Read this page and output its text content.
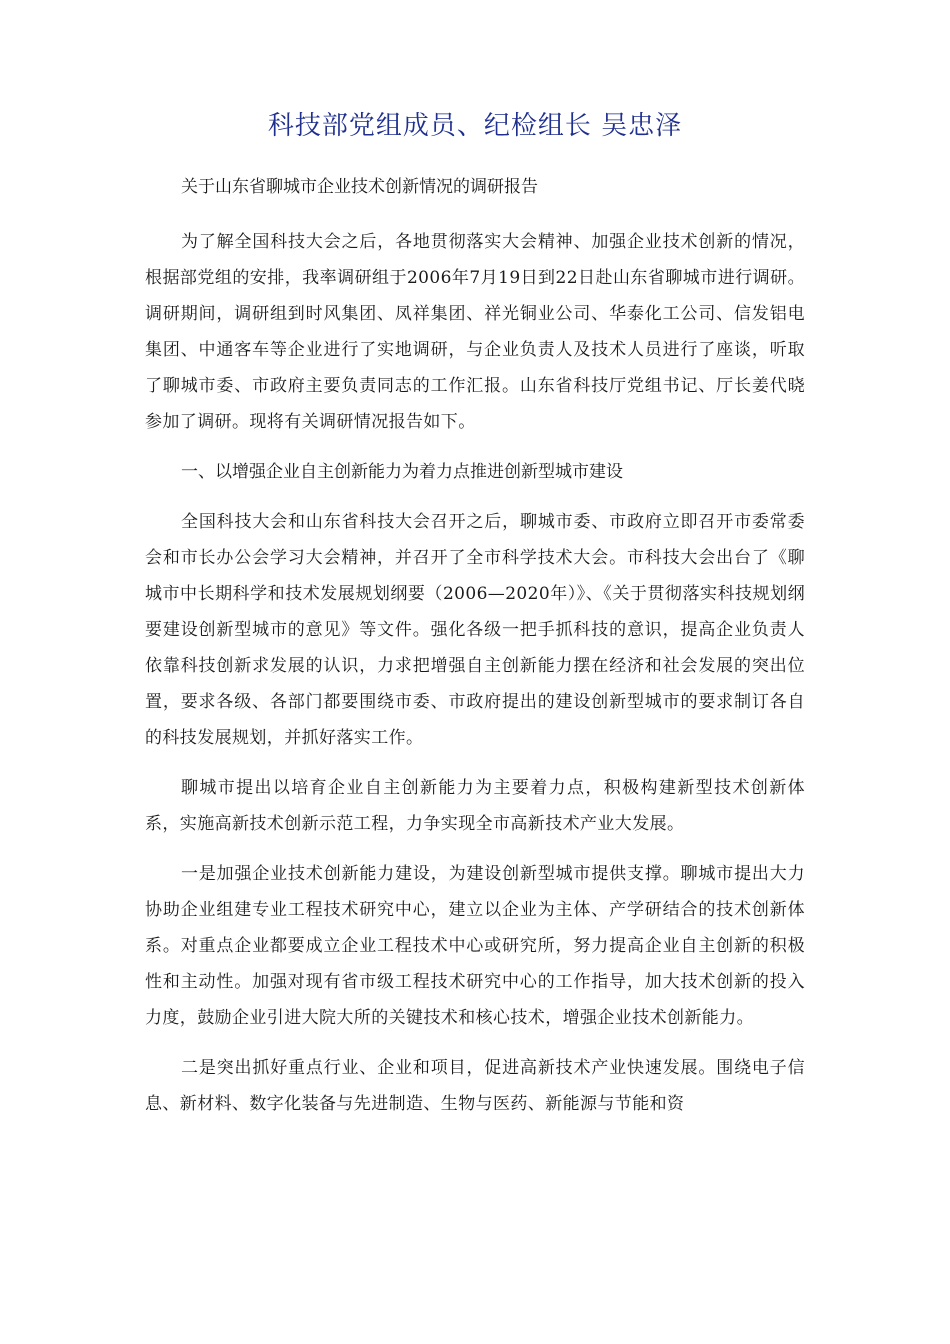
科技部党组成员、纪检组长 吴忠泽

关于山东省聊城市企业技术创新情况的调研报告

为了解全国科技大会之后，各地贯彻落实大会精神、加强企业技术创新的情况，根据部党组的安排，我率调研组于2006年7月19日到22日赴山东省聊城市进行调研。调研期间，调研组到时风集团、凤祥集团、祥光铜业公司、华泰化工公司、信发铝电集团、中通客车等企业进行了实地调研，与企业负责人及技术人员进行了座谈，听取了聊城市委、市政府主要负责同志的工作汇报。山东省科技厅党组书记、厅长姜代晓参加了调研。现将有关调研情况报告如下。

一、以增强企业自主创新能力为着力点推进创新型城市建设

全国科技大会和山东省科技大会召开之后，聊城市委、市政府立即召开市委常委会和市长办公会学习大会精神，并召开了全市科学技术大会。市科技大会出台了《聊城市中长期科学和技术发展规划纲要（2006—2020年）》、《关于贯彻落实科技规划纲要建设创新型城市的意见》等文件。强化各级一把手抓科技的意识，提高企业负责人依靠科技创新求发展的认识，力求把增强自主创新能力摆在经济和社会发展的突出位置，要求各级、各部门都要围绕市委、市政府提出的建设创新型城市的要求制订各自的科技发展规划，并抓好落实工作。

聊城市提出以培育企业自主创新能力为主要着力点，积极构建新型技术创新体系，实施高新技术创新示范工程，力争实现全市高新技术产业大发展。

一是加强企业技术创新能力建设，为建设创新型城市提供支撑。聊城市提出大力协助企业组建专业工程技术研究中心，建立以企业为主体、产学研结合的技术创新体系。对重点企业都要成立企业工程技术中心或研究所，努力提高企业自主创新的积极性和主动性。加强对现有省市级工程技术研究中心的工作指导，加大技术创新的投入力度，鼓励企业引进大院大所的关键技术和核心技术，增强企业技术创新能力。

二是突出抓好重点行业、企业和项目，促进高新技术产业快速发展。围绕电子信息、新材料、数字化装备与先进制造、生物与医药、新能源与节能和资
